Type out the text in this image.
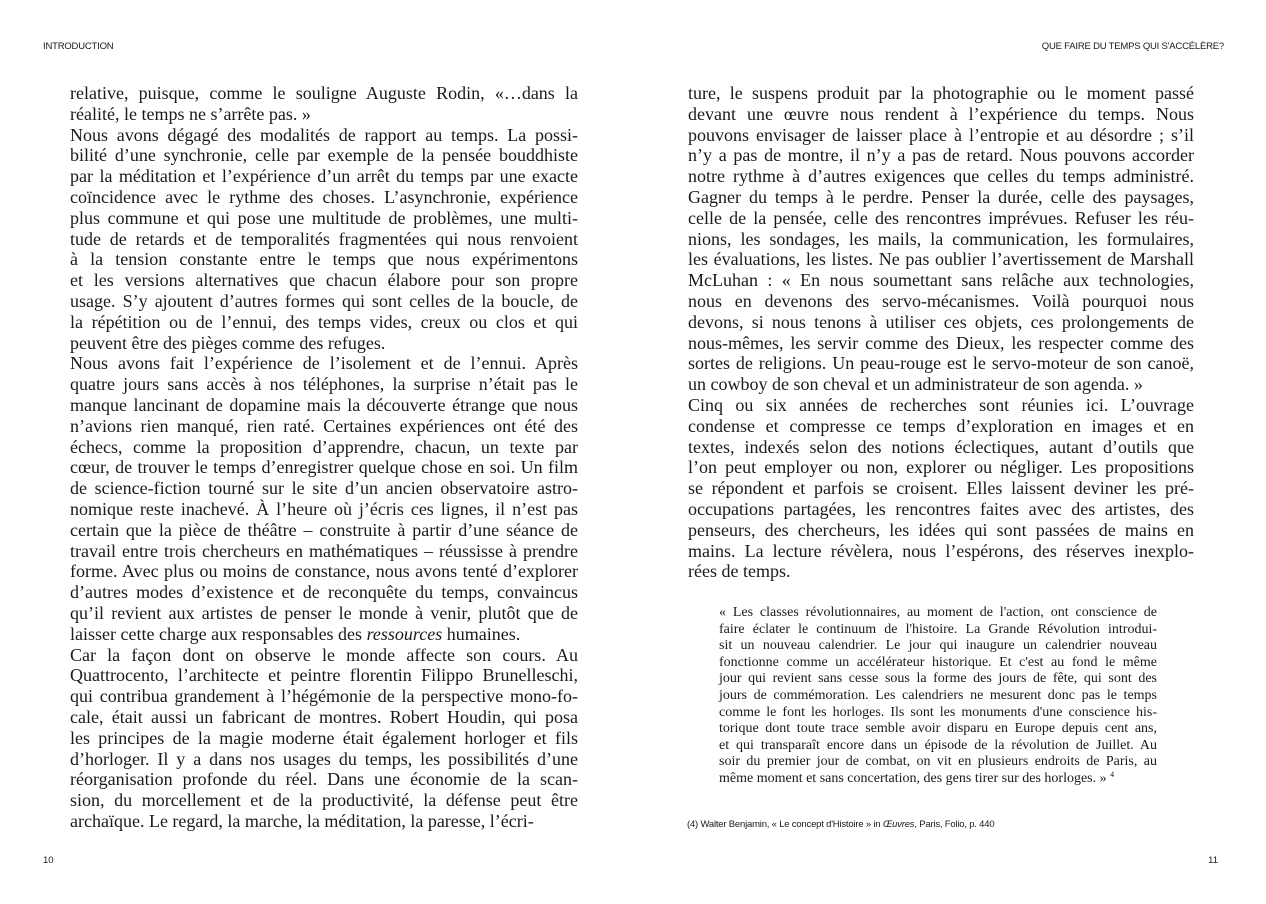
INTRODUCTION	QUE FAIRE DU TEMPS QUI S'ACCÉLÈRE?
relative, puisque, comme le souligne Auguste Rodin, «…dans la
réalité, le temps ne s’arrête pas. »
Nous avons dégagé des modalités de rapport au temps. La possi-
bilité d’une synchronie, celle par exemple de la pensée bouddhiste
par la méditation et l’expérience d’un arrêt du temps par une exacte
coïncidence avec le rythme des choses. L’asynchronie, expérience
plus commune et qui pose une multitude de problèmes, une multi-
tude de retards et de temporalités fragmentées qui nous renvoient
à la tension constante entre le temps que nous expérimentons
et les versions alternatives que chacun élabore pour son propre
usage. S’y ajoutent d’autres formes qui sont celles de la boucle, de
la répétition ou de l’ennui, des temps vides, creux ou clos et qui
peuvent être des pièges comme des refuges.
Nous avons fait l’expérience de l’isolement et de l’ennui. Après
quatre jours sans accès à nos téléphones, la surprise n’était pas le
manque lancinant de dopamine mais la découverte étrange que nous
n’avions rien manqué, rien raté. Certaines expériences ont été des
échecs, comme la proposition d’apprendre, chacun, un texte par
cœur, de trouver le temps d’enregistrer quelque chose en soi. Un film
de science-fiction tourné sur le site d’un ancien observatoire astro-
nomique reste inachevé. À l’heure où j’écris ces lignes, il n’est pas
certain que la pièce de théâtre – construite à partir d’une séance de
travail entre trois chercheurs en mathématiques – réussisse à prendre
forme. Avec plus ou moins de constance, nous avons tenté d’explorer
d’autres modes d’existence et de reconquête du temps, convaincus
qu’il revient aux artistes de penser le monde à venir, plutôt que de
laisser cette charge aux responsables des ressources humaines.
Car la façon dont on observe le monde affecte son cours. Au
Quattrocento, l’architecte et peintre florentin Filippo Brunelleschi,
qui contribua grandement à l’hégémonie de la perspective mono-fo-
cale, était aussi un fabricant de montres. Robert Houdin, qui posa
les principes de la magie moderne était également horloger et fils
d’horloger. Il y a dans nos usages du temps, les possibilités d’une
réorganisation profonde du réel. Dans une économie de la scan-
sion, du morcellement et de la productivité, la défense peut être
archaïque. Le regard, la marche, la méditation, la paresse, l’écri-
ture, le suspens produit par la photographie ou le moment passé
devant une œuvre nous rendent à l’expérience du temps. Nous
pouvons envisager de laisser place à l’entropie et au désordre ; s’il
n’y a pas de montre, il n’y a pas de retard. Nous pouvons accorder
notre rythme à d’autres exigences que celles du temps administré.
Gagner du temps à le perdre. Penser la durée, celle des paysages,
celle de la pensée, celle des rencontres imprévues. Refuser les réu-
nions, les sondages, les mails, la communication, les formulaires,
les évaluations, les listes. Ne pas oublier l’avertissement de Marshall
McLuhan : « En nous soumettant sans relâche aux technologies,
nous en devenons des servo-mécanismes. Voilà pourquoi nous
devons, si nous tenons à utiliser ces objets, ces prolongements de
nous-mêmes, les servir comme des Dieux, les respecter comme des
sortes de religions. Un peau-rouge est le servo-moteur de son canoë,
un cowboy de son cheval et un administrateur de son agenda. »
Cinq ou six années de recherches sont réunies ici. L’ouvrage
condense et compresse ce temps d’exploration en images et en
textes, indexés selon des notions éclectiques, autant d’outils que
l’on peut employer ou non, explorer ou négliger. Les propositions
se répondent et parfois se croisent. Elles laissent deviner les pré-
occupations partagées, les rencontres faites avec des artistes, des
penseurs, des chercheurs, les idées qui sont passées de mains en
mains. La lecture révèlera, nous l’espérons, des réserves inexplo-
rées de temps.
« Les classes révolutionnaires, au moment de l'action, ont conscience de
faire éclater le continuum de l'histoire. La Grande Révolution introdui-
sit un nouveau calendrier. Le jour qui inaugure un calendrier nouveau
fonctionne comme un accélérateur historique. Et c'est au fond le même
jour qui revient sans cesse sous la forme des jours de fête, qui sont des
jours de commémoration. Les calendriers ne mesurent donc pas le temps
comme le font les horloges. Ils sont les monuments d'une conscience his-
torique dont toute trace semble avoir disparu en Europe depuis cent ans,
et qui transparaît encore dans un épisode de la révolution de Juillet. Au
soir du premier jour de combat, on vit en plusieurs endroits de Paris, au
même moment et sans concertation, des gens tirer sur des horloges. » $^4$
(4) Walter Benjamin, « Le concept d'Histoire » in Œuvres, Paris, Folio, p. 440
10	11
